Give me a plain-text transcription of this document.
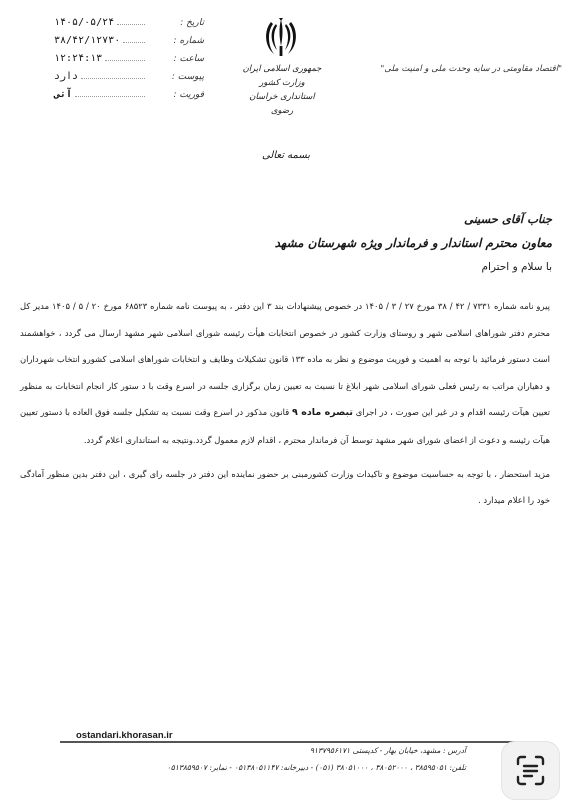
تاریخ :
۱۴۰۵/۰۵/۲۴
شماره :
۳۸/۴۲/۱۲۷۳۰
ساعت :
۱۲:۲۴:۱۳
پیوست :
دارد
فوریت :
آنی
جمهوری اسلامی ایران
وزارت کشور
استانداری خراسان رضوی
"اقتصاد مقاومتی در سایه وحدت ملی و امنیت ملی"
بسمه تعالی
جناب آقای حسینی
معاون محترم استاندار و فرماندار ویژه شهرستان مشهد
با سلام و احترام

پیرو نامه شماره ۷۳۳۱ / ۴۲ / ۳۸ مورخ ۲۷ / ۳ / ۱۴۰۵ در خصوص پیشنهادات بند ۳ این دفتر ، به پیوست نامه شماره ۶۸۵۲۳ مورخ ۲۰ / ۵ / ۱۴۰۵ مدیر کل محترم دفتر شوراهای اسلامی شهر و روستای وزارت کشور در خصوص انتخابات هیأت رئیسه شورای اسلامی شهر مشهد ارسال می گردد ، خواهشمند است دستور فرمائید با توجه به اهمیت و فوریت موضوع و نظر به ماده ۱۳۳ قانون تشکیلات وظایف و انتخابات شوراهای اسلامی کشورو انتخاب شهرداران و دهیاران مراتب به رئیس فعلی شورای اسلامی شهر ابلاغ تا نسبت به تعیین زمان برگزاری جلسه در اسرع وقت با د ستور کار انجام انتخابات به منظور تعیین هیآت رئیسه اقدام و در غیر این صورت ، در اجرای تبصره ماده ۹ قانون مذکور در اسرع وقت نسبت به تشکیل جلسه فوق العاده با دستور تعیین هیآت رئیسه و دعوت از اعضای شورای شهر مشهد توسط آن فرماندار محترم ، اقدام لازم معمول گردد.ونتیجه به استانداری اعلام گردد.

مزید استحضار ، با توجه به حساسیت موضوع و تاکیدات وزارت کشورمبنی بر حضور نماینده این دفتر در جلسه رای گیری ، این دفتر بدین منظور آمادگی خود را اعلام میدارد .

ostandari.khorasan.ir
آدرس : مشهد، خیابان بهار - کدپستی ۹۱۳۷۹۵۶۱۷۱
تلفن: ۳۸۵۹۵۰۵۱ ، ۳۸۰۵۲۰۰۰ ، ۳۸۰۵۱۰۰۰ (۰۵۱) - دبیرخانه: ۰۵۱۳۸۰۵۱۱۴۷ - نمابر: ۰۵۱۳۸۵۹۵۰۷
